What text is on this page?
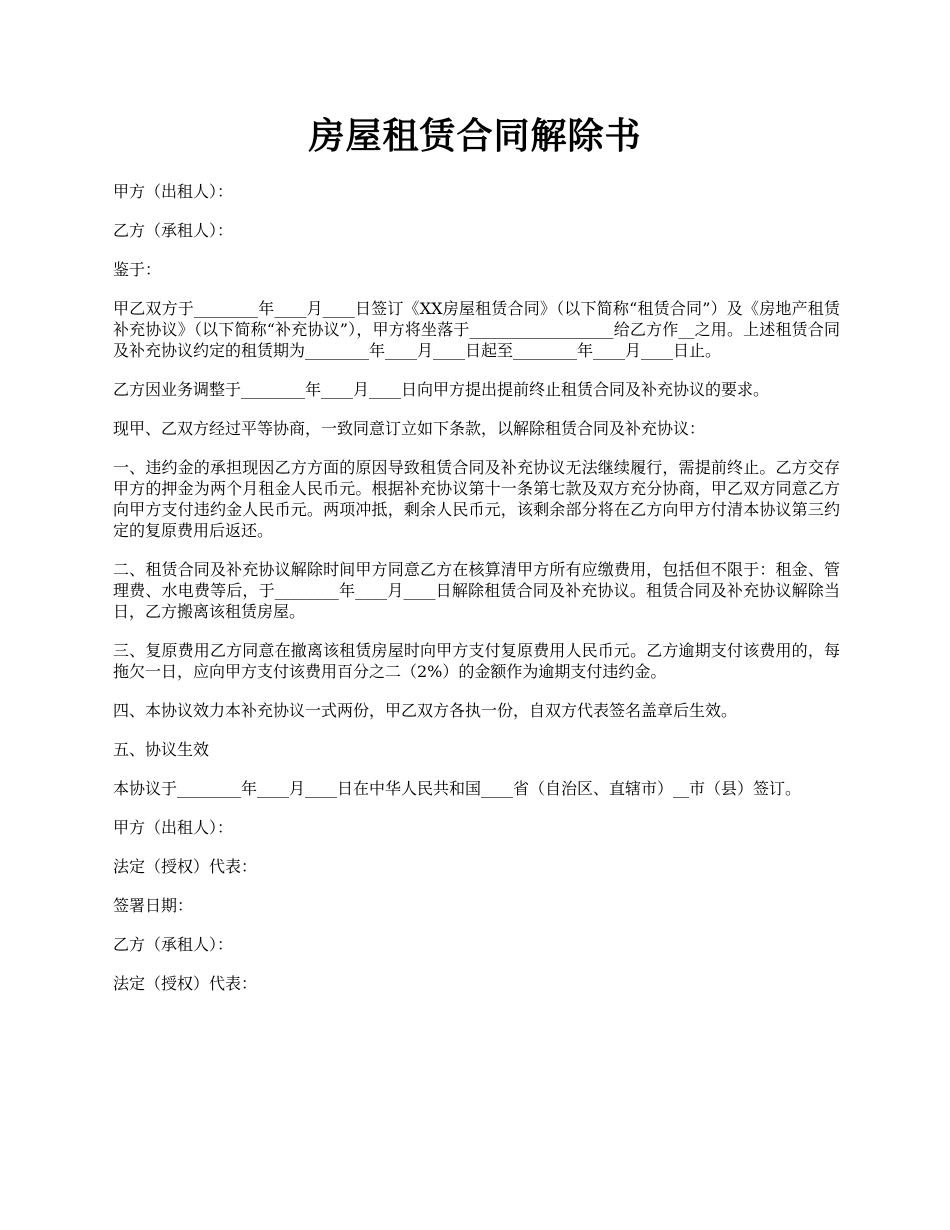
房屋租赁合同解除书

甲方（出租人）：

乙方（承租人）：

鉴于：

甲乙双方于________年____月____日签订《XX房屋租赁合同》（以下简称“租赁合同”）及《房地产租赁补充协议》（以下简称“补充协议”），甲方将坐落于__________________给乙方作__之用。上述租赁合同及补充协议约定的租赁期为________年____月____日起至________年____月____日止。

乙方因业务调整于________年____月____日向甲方提出提前终止租赁合同及补充协议的要求。

现甲、乙双方经过平等协商，一致同意订立如下条款，以解除租赁合同及补充协议：

一、违约金的承担现因乙方方面的原因导致租赁合同及补充协议无法继续履行，需提前终止。乙方交存甲方的押金为两个月租金人民币元。根据补充协议第十一条第七款及双方充分协商，甲乙双方同意乙方向甲方支付违约金人民币元。两项冲抵，剩余人民币元，该剩余部分将在乙方向甲方付清本协议第三约定的复原费用后返还。

二、租赁合同及补充协议解除时间甲方同意乙方在核算清甲方所有应缴费用，包括但不限于：租金、管理费、水电费等后，于________年____月____日解除租赁合同及补充协议。租赁合同及补充协议解除当日，乙方搬离该租赁房屋。

三、复原费用乙方同意在撤离该租赁房屋时向甲方支付复原费用人民币元。乙方逾期支付该费用的，每拖欠一日，应向甲方支付该费用百分之二（2%）的金额作为逾期支付违约金。

四、本协议效力本补充协议一式两份，甲乙双方各执一份，自双方代表签名盖章后生效。

五、协议生效

本协议于________年____月____日在中华人民共和国____省（自治区、直辖市）__市（县）签订。

甲方（出租人）：

法定（授权）代表：

签署日期：

乙方（承租人）：

法定（授权）代表：
